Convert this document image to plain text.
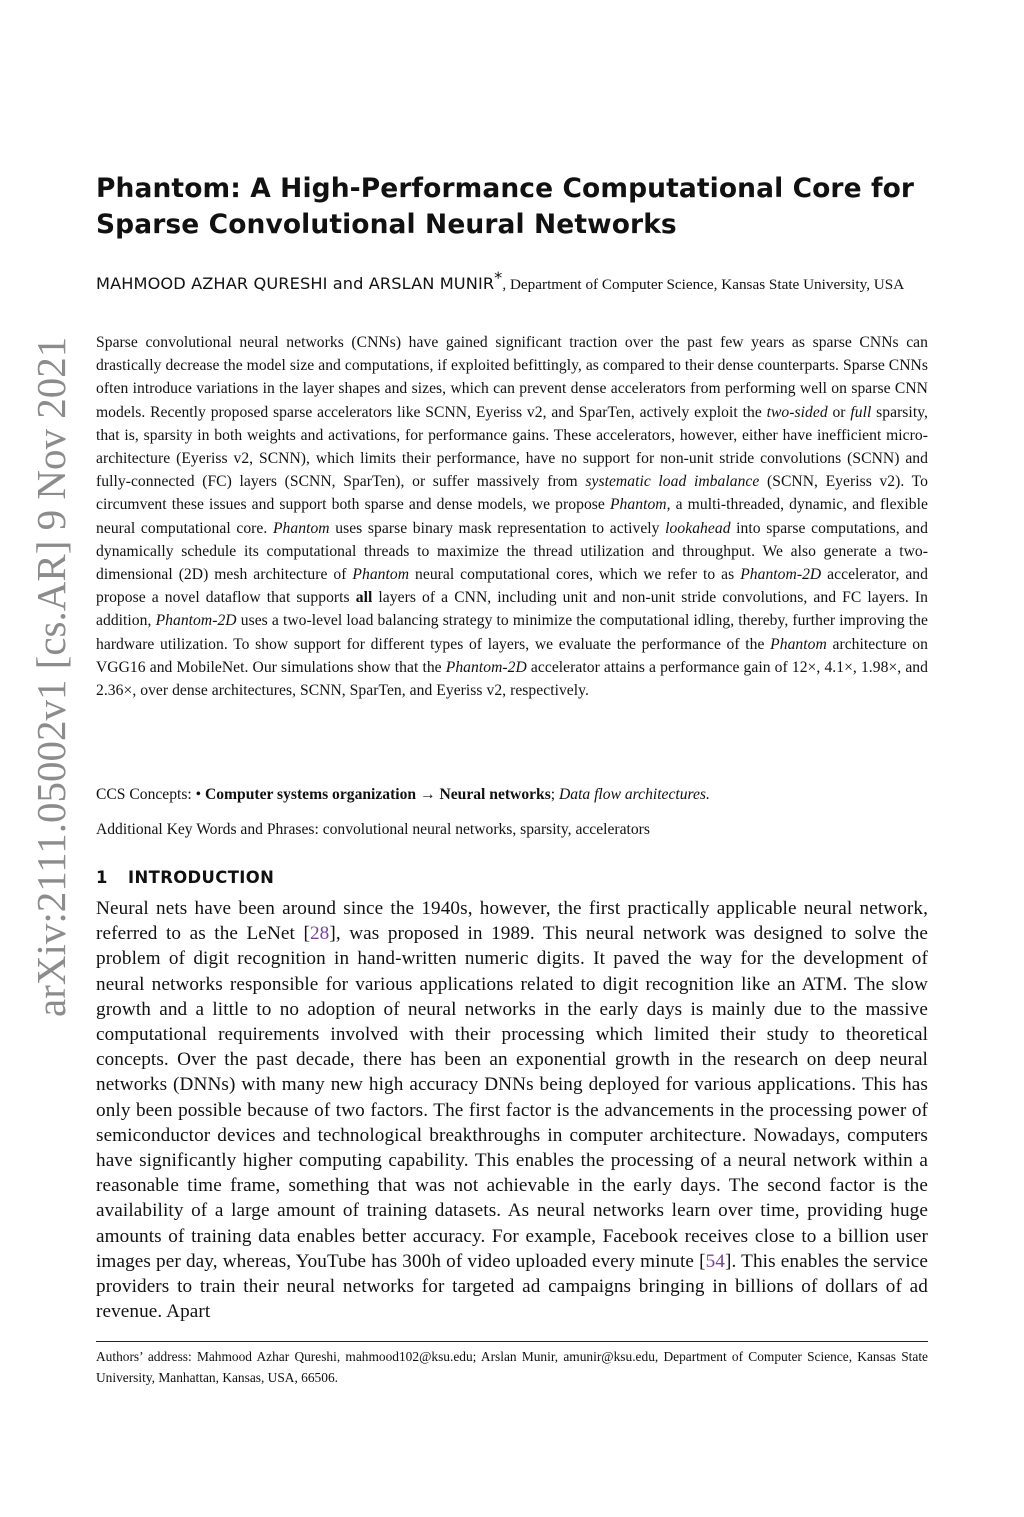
arXiv:2111.05002v1 [cs.AR] 9 Nov 2021
Phantom: A High-Performance Computational Core for
Sparse Convolutional Neural Networks

MAHMOOD AZHAR QURESHI and ARSLAN MUNIR*, Department of Computer Science, Kansas State University, USA

Sparse convolutional neural networks (CNNs) have gained significant traction over the past few years as sparse CNNs can drastically decrease the model size and computations, if exploited befittingly, as compared to their dense counterparts. Sparse CNNs often introduce variations in the layer shapes and sizes, which can prevent dense accelerators from performing well on sparse CNN models. Recently proposed sparse accelerators like SCNN, Eyeriss v2, and SparTen, actively exploit the two-sided or full sparsity, that is, sparsity in both weights and activations, for performance gains. These accelerators, however, either have inefficient micro-architecture (Eyeriss v2, SCNN), which limits their performance, have no support for non-unit stride convolutions (SCNN) and fully-connected (FC) layers (SCNN, SparTen), or suffer massively from systematic load imbalance (SCNN, Eyeriss v2). To circumvent these issues and support both sparse and dense models, we propose Phantom, a multi-threaded, dynamic, and flexible neural computational core. Phantom uses sparse binary mask representation to actively lookahead into sparse computations, and dynamically schedule its computational threads to maximize the thread utilization and throughput. We also generate a two-dimensional (2D) mesh architecture of Phantom neural computational cores, which we refer to as Phantom-2D accelerator, and propose a novel dataflow that supports all layers of a CNN, including unit and non-unit stride convolutions, and FC layers. In addition, Phantom-2D uses a two-level load balancing strategy to minimize the computational idling, thereby, further improving the hardware utilization. To show support for different types of layers, we evaluate the performance of the Phantom architecture on VGG16 and MobileNet. Our simulations show that the Phantom-2D accelerator attains a performance gain of 12×, 4.1×, 1.98×, and 2.36×, over dense architectures, SCNN, SparTen, and Eyeriss v2, respectively.

CCS Concepts: • Computer systems organization → Neural networks; Data flow architectures.

Additional Key Words and Phrases: convolutional neural networks, sparsity, accelerators

1 INTRODUCTION

Neural nets have been around since the 1940s, however, the first practically applicable neural network, referred to as the LeNet [28], was proposed in 1989. This neural network was designed to solve the problem of digit recognition in hand-written numeric digits. It paved the way for the development of neural networks responsible for various applications related to digit recognition like an ATM. The slow growth and a little to no adoption of neural networks in the early days is mainly due to the massive computational requirements involved with their processing which limited their study to theoretical concepts. Over the past decade, there has been an exponential growth in the research on deep neural networks (DNNs) with many new high accuracy DNNs being deployed for various applications. This has only been possible because of two factors. The first factor is the advancements in the processing power of semiconductor devices and technological breakthroughs in computer architecture. Nowadays, computers have significantly higher computing capability. This enables the processing of a neural network within a reasonable time frame, something that was not achievable in the early days. The second factor is the availability of a large amount of training datasets. As neural networks learn over time, providing huge amounts of training data enables better accuracy. For example, Facebook receives close to a billion user images per day, whereas, YouTube has 300h of video uploaded every minute [54]. This enables the service providers to train their neural networks for targeted ad campaigns bringing in billions of dollars of ad revenue. Apart

Authors’ address: Mahmood Azhar Qureshi, mahmood102@ksu.edu; Arslan Munir, amunir@ksu.edu, Department of Computer Science, Kansas State University, Manhattan, Kansas, USA, 66506.
